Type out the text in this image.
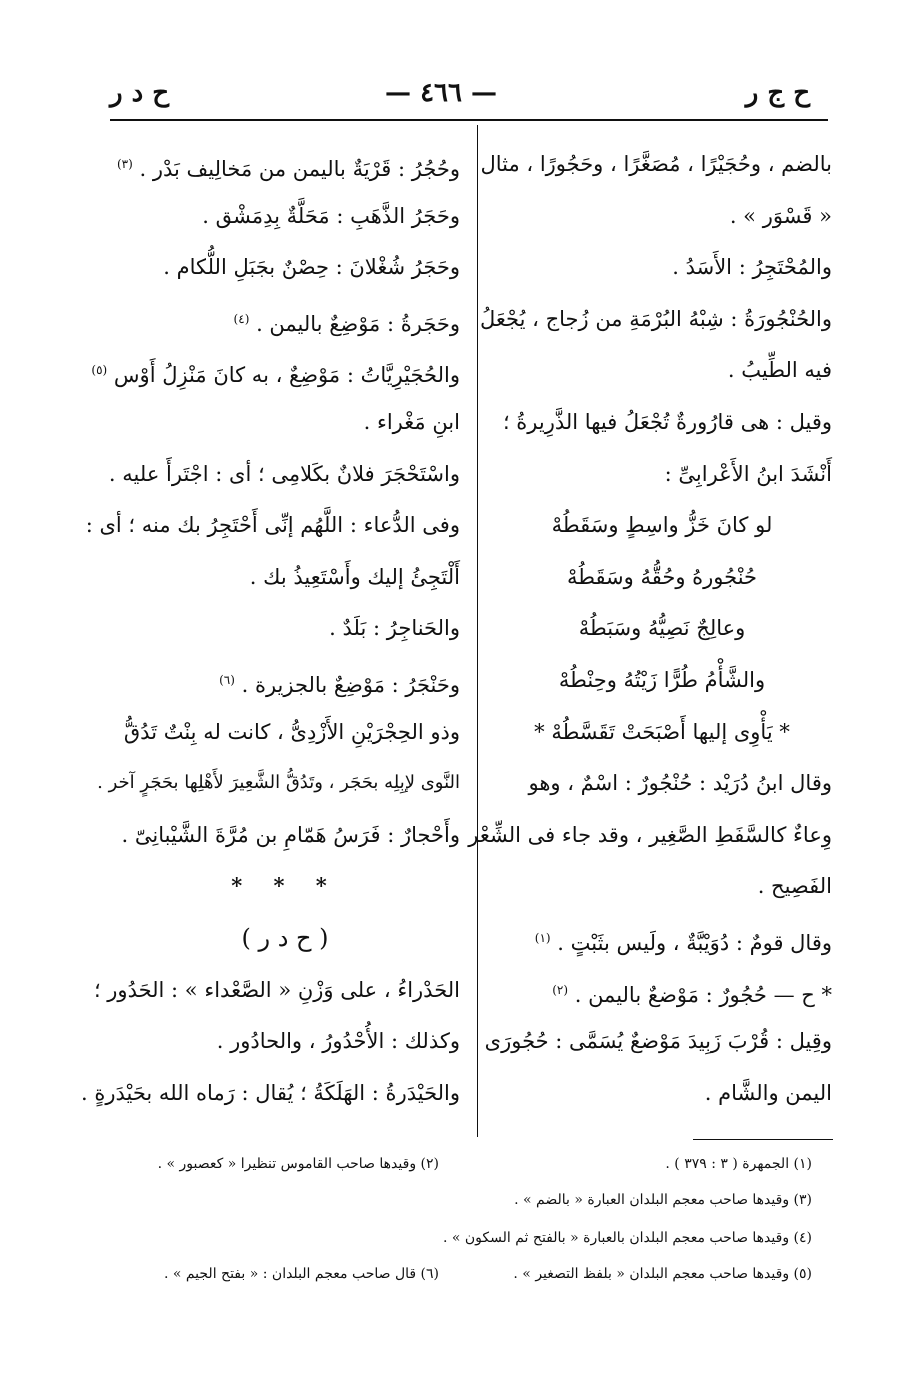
ح ج ر
— ٤٦٦ —
ح د ر
بالضم ، وحُجَيْرًا ، مُصَغَّرًا ، وحَجُورًا ، مثال
« قَسْوَر » .
والمُحْتَجِرُ : الأَسَدُ .
والحُنْجُورَةُ : شِبْهُ البُرْمَةِ من زُجاج ، يُجْعَلُ
فيه الطِّيبُ .
وقيل : هى قارُورةٌ تُجْعَلُ فيها الذَّرِيرةُ ؛
أَنْشَدَ ابنُ الأَعْرابِىِّ :
لو كانَ خَزُّ واسِطٍ وسَقَطُهْ
حُنْجُورهُ وحُقُّهُ وسَقَطُهْ
وعالِجٌ نَصِيُّهُ وسَبَطُهْ
والشَّأْمُ طُرًّا زَيْتُهُ وحِنْطُهْ
* يَأْوِى إليها أَصْبَحَتْ تَقَسَّطُهْ *
وقال ابنُ دُرَيْد : حُنْجُورٌ : اسْمٌ ، وهو
وِعاءٌ كالسَّفَطِ الصَّغِير ، وقد جاء فى الشِّعْر
الفَصِيح .
وقال قومٌ : دُوَيْبَّةٌ ، ولَيس بثَبْتٍ . $^{(١)}$
* ح — حُجُورٌ : مَوْضعٌ باليمن . $^{(٢)}$
وقِيل : قُرْبَ زَبِيدَ مَوْضعٌ يُسَمَّى : حُجُورَى
اليمن والشَّام .
وحُجُرُ : قَرْيَةٌ باليمن من مَخالِيف بَدْر . $^{(٣)}$
وحَجَرُ الذَّهَبِ : مَحَلَّةٌ بِدِمَشْق .
وحَجَرُ شُغْلانَ : حِصْنٌ بجَبَلِ اللُّكام .
وحَجَرةُ : مَوْضِعٌ باليمن . $^{(٤)}$
والحُجَيْرِيَّاتُ : مَوْضِعٌ ، به كانَ مَنْزِلُ أَوْس $^{(٥)}$
ابنِ مَغْراء .
واسْتَحْجَرَ فلانٌ بكَلامِى ؛ أى : اجْتَرأَ عليه .
وفى الدُّعاء : اللَّهُم إنِّى أَحْتَجِرُ بك منه ؛ أى :
أَلْتَجِئُ إليك وأَسْتَعِيذُ بك .
والحَناجِرُ : بَلَدٌ .
وحَنْجَرُ : مَوْضِعٌ بالجزيرة . $^{(٦)}$
وذو الحِجْرَيْنِ الأَزْدِىُّ ، كانت له بِنْتٌ تَدُقُّ
النَّوى لإبِلِه بحَجَر ، وتَدُقُّ الشَّعِيرَ لأَهْلِها بحَجَرٍ آخر .
وأَحْجارٌ : فَرَسُ هَمّامِ بن مُرَّةَ الشَّيْبانِىّ .
* * *
( ح د ر )
الحَدْراءُ ، على وَزْنِ « الصَّعْداء » : الحَدُور ؛
وكذلك : الأُحْدُورُ ، والحادُور .
والحَيْدَرةُ : الهَلَكَةُ ؛ يُقال : رَماه الله بحَيْدَرةٍ .
(١) الجمهرة ( ٣ : ٣٧٩ ) .
(٢) وقيدها صاحب القاموس تنظيرا « كعصبور » .
(٣) وقيدها صاحب معجم البلدان العبارة « بالضم » .
(٤) وقيدها صاحب معجم البلدان بالعبارة « بالفتح ثم السكون » .
(٥) وقيدها صاحب معجم البلدان « بلفظ التصغير » .
(٦) قال صاحب معجم البلدان : « بفتح الجيم » .
